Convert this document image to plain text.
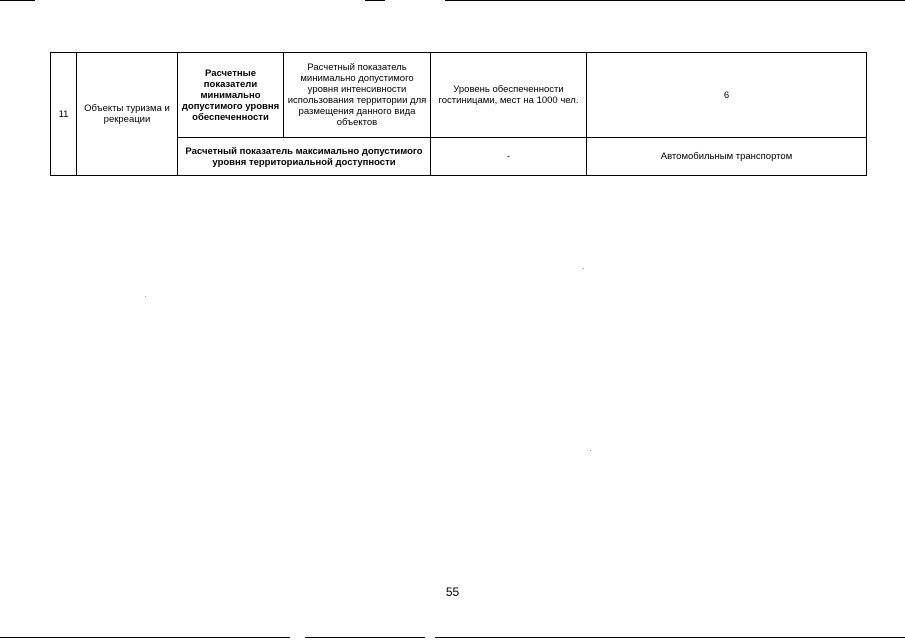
11	Объекты туризма и рекреации	Расчетные показатели минимально допустимого уровня обеспеченности	Расчетный показатель минимально допустимого уровня интенсивности использования территории для размещения данного вида объектов	Уровень обеспеченности гостиницами, мест на 1000 чел.	6
		Расчетный показатель максимально допустимого уровня территориальной доступности		-	Автомобильным транспортом
55
